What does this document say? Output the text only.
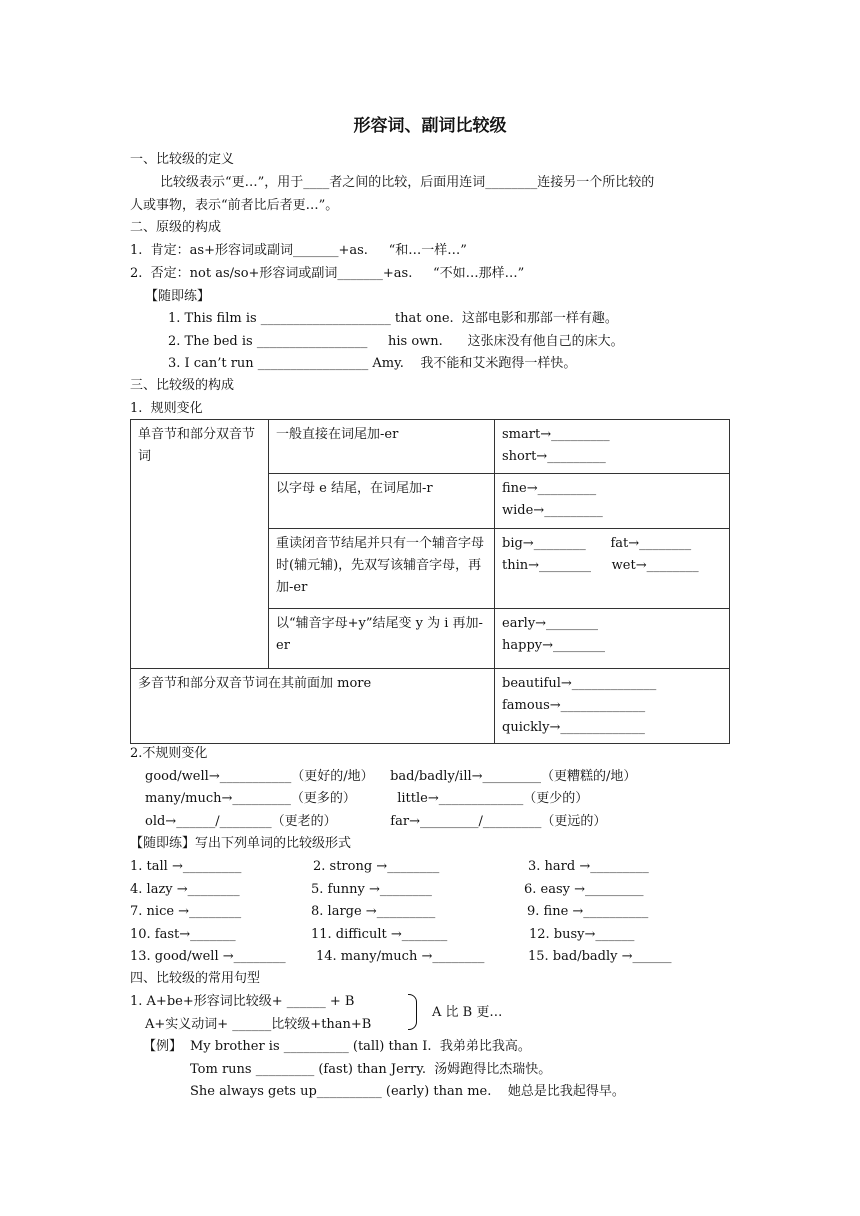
形容词、副词比较级
一、比较级的定义
比较级表示“更…”，用于____者之间的比较，后面用连词________连接另一个所比较的
人或事物，表示“前者比后者更…”。
二、原级的构成
1.  肯定：as+形容词或副词_______+as.     “和…一样…”
2.  否定：not as/so+形容词或副词_______+as.     “不如…那样…”
【随即练】
1. This film is ____________________ that one.  这部电影和那部一样有趣。
2. The bed is _________________     his own.      这张床没有他自己的床大。
3. I can’t run _________________ Amy.    我不能和艾米跑得一样快。
三、比较级的构成
1.  规则变化
单音节和部分双音节词	一般直接在词尾加-er	smart→_________
short→_________

	以字母 e 结尾，在词尾加-r	fine→_________
wide→_________

	重读闭音节结尾并只有一个辅音字母时(辅元辅)，先双写该辅音字母，再加-er	big→________      fat→________
thin→________     wet→________

	以“辅音字母+y”结尾变 y 为 i 再加-er	early→________
happy→________

多音节和部分双音节词在其前面加 more		beautiful→_____________
famous→_____________
quickly→_____________
2.不规则变化
good/well→___________（更好的/地）    bad/badly/ill→_________（更糟糕的/地）
many/much→_________（更多的）          little→_____________（更少的）
old→______/________（更老的）             far→_________/_________（更远的）
【随即练】写出下列单词的比较级形式
1. tall →_________	2. strong →________	3. hard →_________
4. lazy →________	5. funny →________	6. easy →_________
7. nice →________	8. large →_________	9. fine →__________
10. fast→_______	11. difficult →_______	12. busy→______
13. good/well →________ 14. many/much →________	15. bad/badly →______
四、比较级的常用句型
1. A+be+形容词比较级+ ______ + B
A+实义动词+ ______比较级+than+B
A 比 B 更…
【例】 My brother is __________ (tall) than I.  我弟弟比我高。
Tom runs _________ (fast) than Jerry.  汤姆跑得比杰瑞快。
She always gets up__________ (early) than me.    她总是比我起得早。
